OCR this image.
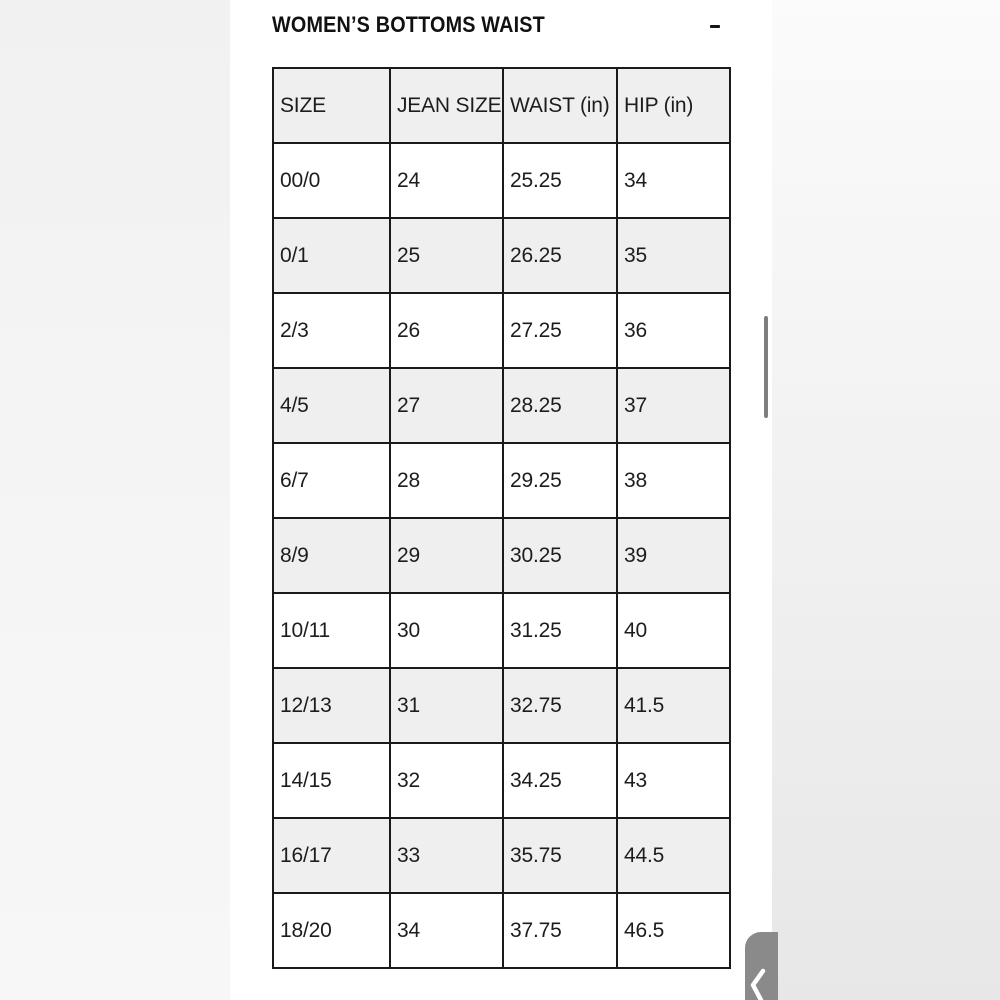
WOMEN’S BOTTOMS WAIST
SIZE	JEAN SIZE	WAIST (in)	HIP (in)
00/0	24	25.25	34
0/1	25	26.25	35
2/3	26	27.25	36
4/5	27	28.25	37
6/7	28	29.25	38
8/9	29	30.25	39
10/11	30	31.25	40
12/13	31	32.75	41.5
14/15	32	34.25	43
16/17	33	35.75	44.5
18/20	34	37.75	46.5
